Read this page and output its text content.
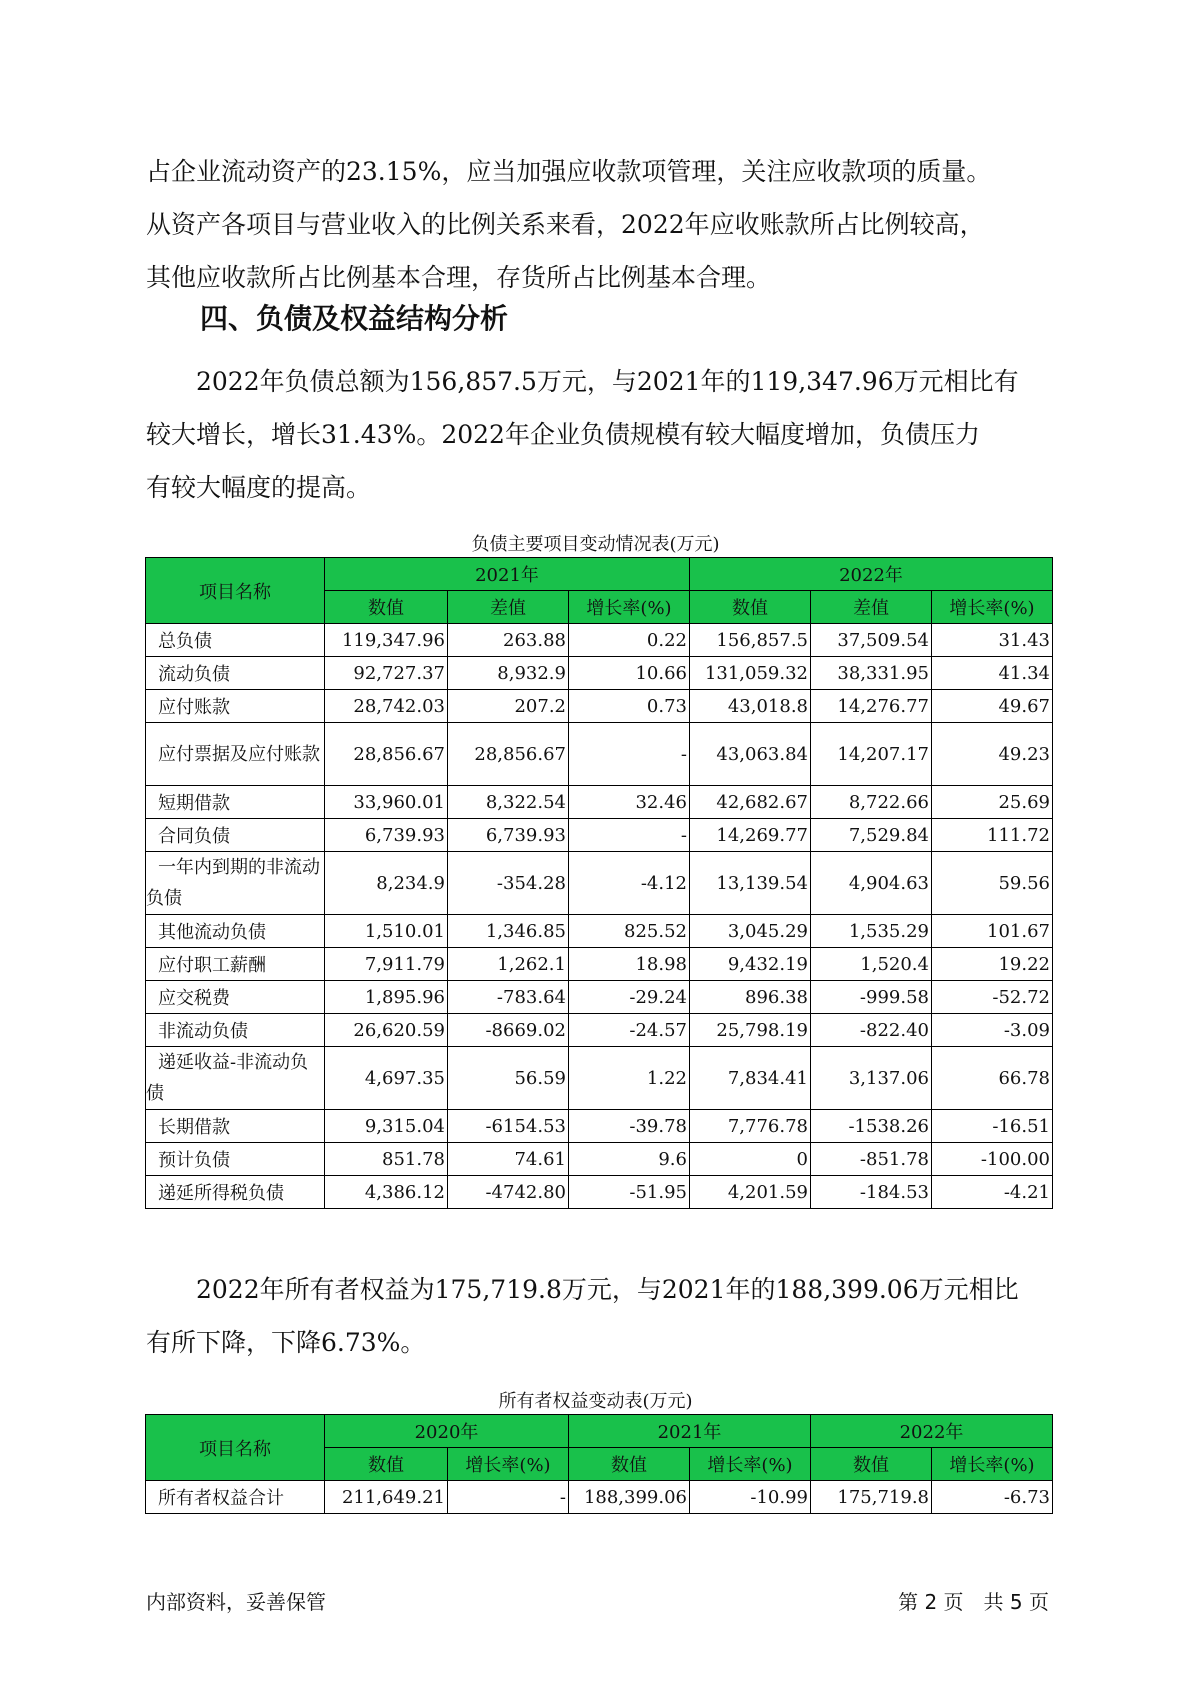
占企业流动资产的23.15%，应当加强应收款项管理，关注应收款项的质量。
从资产各项目与营业收入的比例关系来看，2022年应收账款所占比例较高，
其他应收款所占比例基本合理，存货所占比例基本合理。
四、负债及权益结构分析
　　2022年负债总额为156,857.5万元，与2021年的119,347.96万元相比有
较大增长，增长31.43%。2022年企业负债规模有较大幅度增加，负债压力
有较大幅度的提高。
负债主要项目变动情况表(万元)
项目名称	2021年			2022年		
	数值	差值	增长率(%)	数值	差值	增长率(%)
总负债	119,347.96	263.88	0.22	156,857.5	37,509.54	31.43
流动负债	92,727.37	8,932.9	10.66	131,059.32	38,331.95	41.34
应付账款	28,742.03	207.2	0.73	43,018.8	14,276.77	49.67
应付票据及应付账款	28,856.67	28,856.67	-	43,063.84	14,207.17	49.23
短期借款	33,960.01	8,322.54	32.46	42,682.67	8,722.66	25.69
合同负债	6,739.93	6,739.93	-	14,269.77	7,529.84	111.72
一年内到期的非流动负债	8,234.9	-354.28	-4.12	13,139.54	4,904.63	59.56
其他流动负债	1,510.01	1,346.85	825.52	3,045.29	1,535.29	101.67
应付职工薪酬	7,911.79	1,262.1	18.98	9,432.19	1,520.4	19.22
应交税费	1,895.96	-783.64	-29.24	896.38	-999.58	-52.72
非流动负债	26,620.59	-8669.02	-24.57	25,798.19	-822.40	-3.09
递延收益-非流动负债	4,697.35	56.59	1.22	7,834.41	3,137.06	66.78
长期借款	9,315.04	-6154.53	-39.78	7,776.78	-1538.26	-16.51
预计负债	851.78	74.61	9.6	0	-851.78	-100.00
递延所得税负债	4,386.12	-4742.80	-51.95	4,201.59	-184.53	-4.21
　　2022年所有者权益为175,719.8万元，与2021年的188,399.06万元相比
有所下降，下降6.73%。
所有者权益变动表(万元)
项目名称	2020年		2021年		2022年	
	数值	增长率(%)	数值	增长率(%)	数值	增长率(%)
所有者权益合计	211,649.21	-	188,399.06	-10.99	175,719.8	-6.73
内部资料，妥善保管	第 2 页　共 5 页
